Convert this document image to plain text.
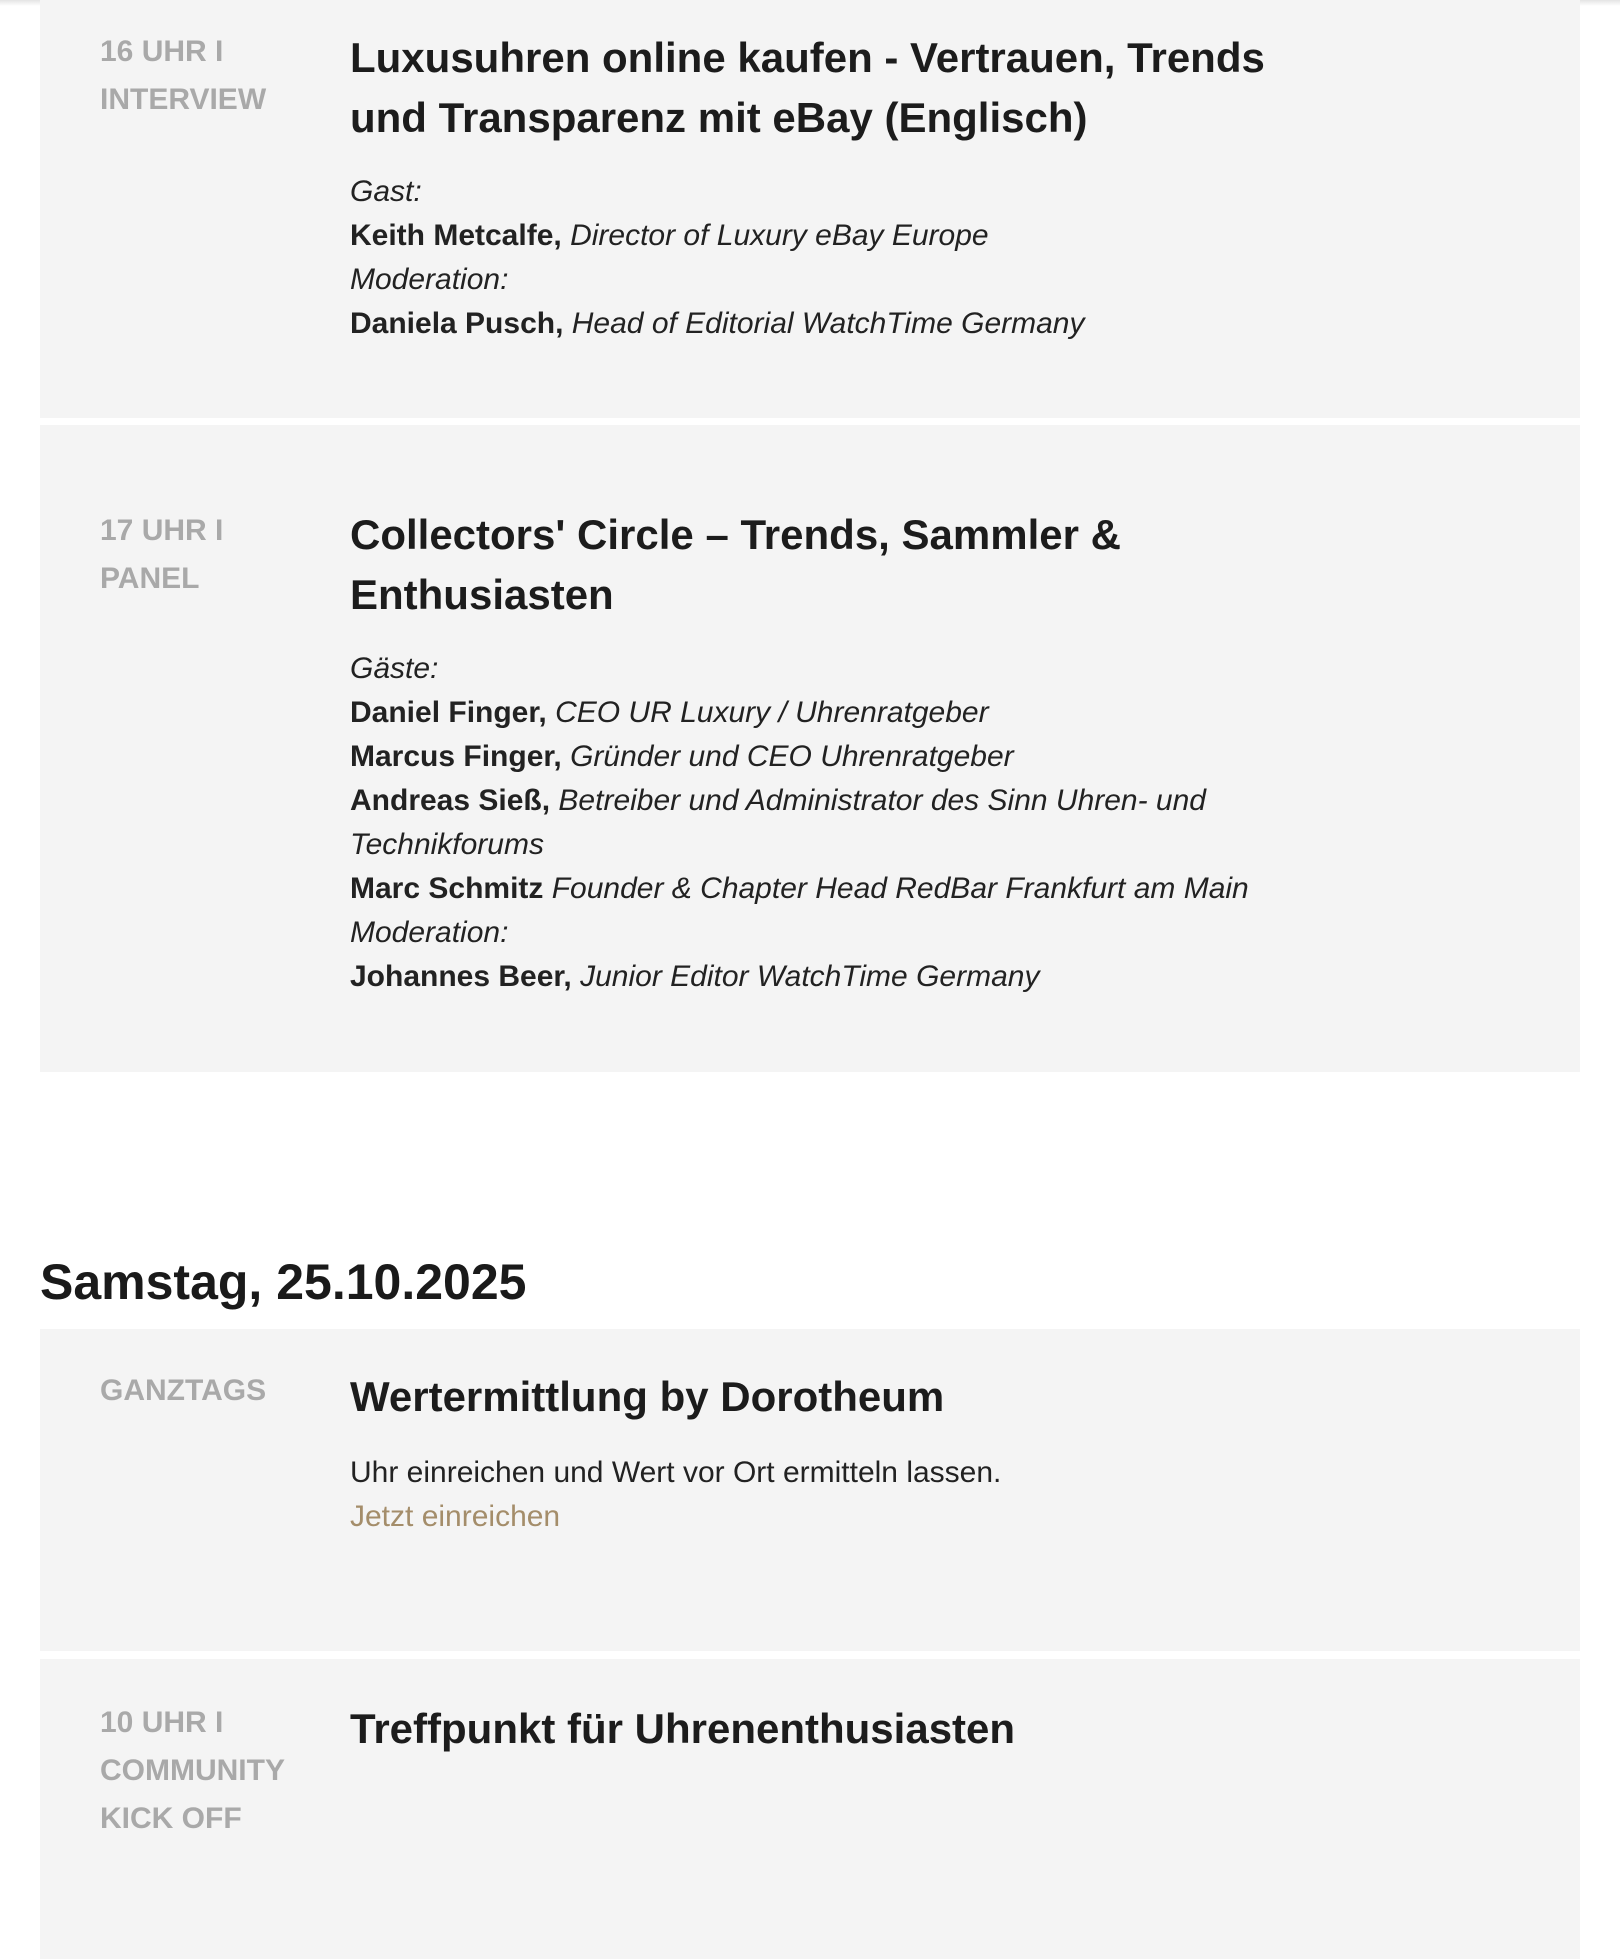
16 UHR I
INTERVIEW
Luxusuhren online kaufen - Vertrauen, Trends
und Transparenz mit eBay (Englisch)
Gast:
Keith Metcalfe, Director of Luxury eBay Europe
Moderation:
Daniela Pusch, Head of Editorial WatchTime Germany
17 UHR I
PANEL
Collectors' Circle – Trends, Sammler &
Enthusiasten
Gäste:
Daniel Finger, CEO UR Luxury / Uhrenratgeber
Marcus Finger, Gründer und CEO Uhrenratgeber
Andreas Sieß, Betreiber und Administrator des Sinn Uhren- und
Technikforums
Marc Schmitz Founder & Chapter Head RedBar Frankfurt am Main
Moderation:
Johannes Beer, Junior Editor WatchTime Germany
Samstag, 25.10.2025
GANZTAGS	Wertermittlung by Dorotheum
Uhr einreichen und Wert vor Ort ermitteln lassen.
Jetzt einreichen
10 UHR I
COMMUNITY
KICK OFF
Treffpunkt für Uhrenenthusiasten
